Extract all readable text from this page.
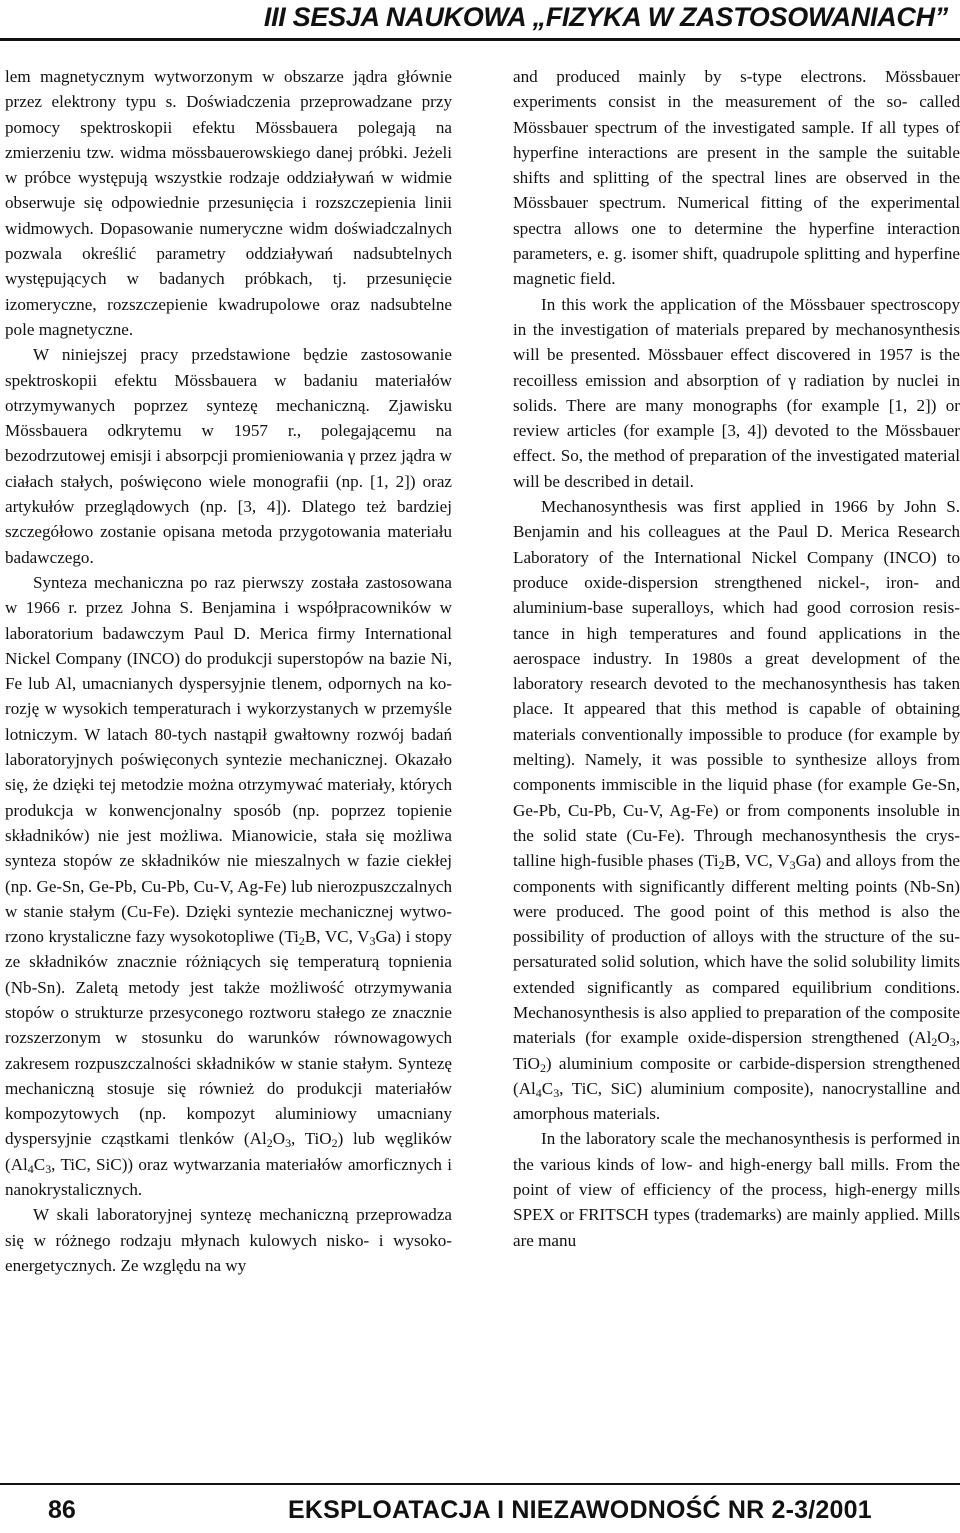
III SESJA NAUKOWA „FIZYKA W ZASTOSOWANIACH”

lem magnetycznym wytworzonym w obszarze jądra głównie przez elektrony typu s. Doświadczenia przeprowadzane przy pomocy spektroskopii efektu Mössbauera polegają na zmierzeniu tzw. widma mössbauerowskiego danej próbki. Jeżeli w próbce występują wszystkie rodzaje oddziaływań w widmie obserwuje się odpowiednie przesunięcia i rozszczepienia linii widmowych. Dopasowanie numeryczne widm doświadczalnych pozwala określić parametry oddziaływań nadsubtelnych występujących w badanych próbkach, tj. przesunięcie izomeryczne, rozszczepienie kwadrupolowe oraz nadsubtelne pole magnetyczne.

W niniejszej pracy przedstawione będzie zastosowanie spektroskopii efektu Mössbauera w badaniu materiałów otrzymywanych poprzez syntezę mechaniczną. Zjawisku Mössbauera odkrytemu w 1957 r., polegającemu na bezodrzutowej emisji i absorpcji promieniowania γ przez jądra w ciałach stałych, poświęcono wiele monografii (np. [1, 2]) oraz artykułów przeglądowych (np. [3, 4]). Dlatego też bardziej szczegółowo zostanie opisana metoda przygotowania materiału badawczego.

Synteza mechaniczna po raz pierwszy została zastosowana w 1966 r. przez Johna S. Benjamina i współpracowników w laboratorium badawczym Paul D. Merica firmy International Nickel Company (INCO) do produkcji superstopów na bazie Ni, Fe lub Al, umacnianych dyspersyjnie tlenem, odpornych na korozję w wysokich temperaturach i wykorzystanych w przemyśle lotniczym. W latach 80-tych nastąpił gwałtowny rozwój badań laboratoryjnych poświęconych syntezie mechanicznej. Okazało się, że dzięki tej metodzie można otrzymywać materiały, których produkcja w konwencjonalny sposób (np. poprzez topienie składników) nie jest możliwa. Mianowicie, stała się możliwa synteza stopów ze składników nie mieszalnych w fazie ciekłej (np. Ge-Sn, Ge-Pb, Cu-Pb, Cu-V, Ag-Fe) lub nierozpuszczalnych w stanie stałym (Cu-Fe). Dzięki syntezie mechanicznej wytworzono krystaliczne fazy wysokotopliwe ($Ti_2B$, VC, $V_3Ga$) i stopy ze składników znacznie różniących się temperaturą topnienia (Nb-Sn). Zaletą metody jest także możliwość otrzymywania stopów o strukturze przesyconego roztworu stałego ze znacznie rozszerzonym w stosunku do warunków równowagowych zakresem rozpuszczalności składników w stanie stałym. Syntezę mechaniczną stosuje się również do produkcji materiałów kompozytowych (np. kompozyt aluminiowy umacniany dyspersyjnie cząstkami tlenków ($Al_2O_3$, TiO$_2$) lub węglików ($Al_4C_3$, TiC, SiC)) oraz wytwarzania materiałów amorficznych i nanokrystalicznych.

W skali laboratoryjnej syntezę mechaniczną przeprowadza się w różnego rodzaju młynach kulowych nisko- i wysoko-energetycznych. Ze względu na wy

and produced mainly by s-type electrons. Mössbauer experiments consist in the measurement of the so- called Mössbauer spectrum of the investigated sample. If all types of hyperfine interactions are present in the sample the suitable shifts and splitting of the spectral lines are observed in the Mössbauer spectrum. Numerical fitting of the experimental spectra allows one to determine the hyperfine interaction parameters, e. g. isomer shift, quadrupole splitting and hyperfine magnetic field.

In this work the application of the Mössbauer spectroscopy in the investigation of materials prepared by mechanosynthesis will be presented. Mössbauer effect discovered in 1957 is the recoilless emission and absorption of γ radiation by nuclei in solids. There are many monographs (for example [1, 2]) or review articles (for example [3, 4]) devoted to the Mössbauer effect. So, the method of preparation of the investigated material will be described in detail.

Mechanosynthesis was first applied in 1966 by John S. Benjamin and his colleagues at the Paul D. Merica Research Laboratory of the International Nickel Company (INCO) to produce oxide-dispersion strengthened nickel-, iron- and aluminium-base superalloys, which had good corrosion resistance in high temperatures and found applications in the aerospace industry. In 1980s a great development of the laboratory research devoted to the mechanosynthesis has taken place. It appeared that this method is capable of obtaining materials conventionally impossible to produce (for example by melting). Namely, it was possible to synthesize alloys from components immiscible in the liquid phase (for example Ge-Sn, Ge-Pb, Cu-Pb, Cu-V, Ag-Fe) or from components insoluble in the solid state (Cu-Fe). Through mechanosynthesis the crystalline high-fusible phases ($Ti_2B$, VC, $V_3Ga$) and alloys from the components with significantly different melting points (Nb-Sn) were produced. The good point of this method is also the possibility of production of alloys with the structure of the supersaturated solid solution, which have the solid solubility limits extended significantly as compared equilibrium conditions. Mechanosynthesis is also applied to preparation of the composite materials (for example oxide-dispersion strengthened ($Al_2O_3$, TiO$_2$) aluminium composite or carbide-dispersion strengthened ($Al_4C_3$, TiC, SiC) aluminium composite), nanocrystalline and amorphous materials.

In the laboratory scale the mechanosynthesis is performed in the various kinds of low- and high-energy ball mills. From the point of view of efficiency of the process, high-energy mills SPEX or FRITSCH types (trademarks) are mainly applied. Mills are manu

86	EKSPLOATACJA I NIEZAWODNOŚĆ NR 2-3/2001
